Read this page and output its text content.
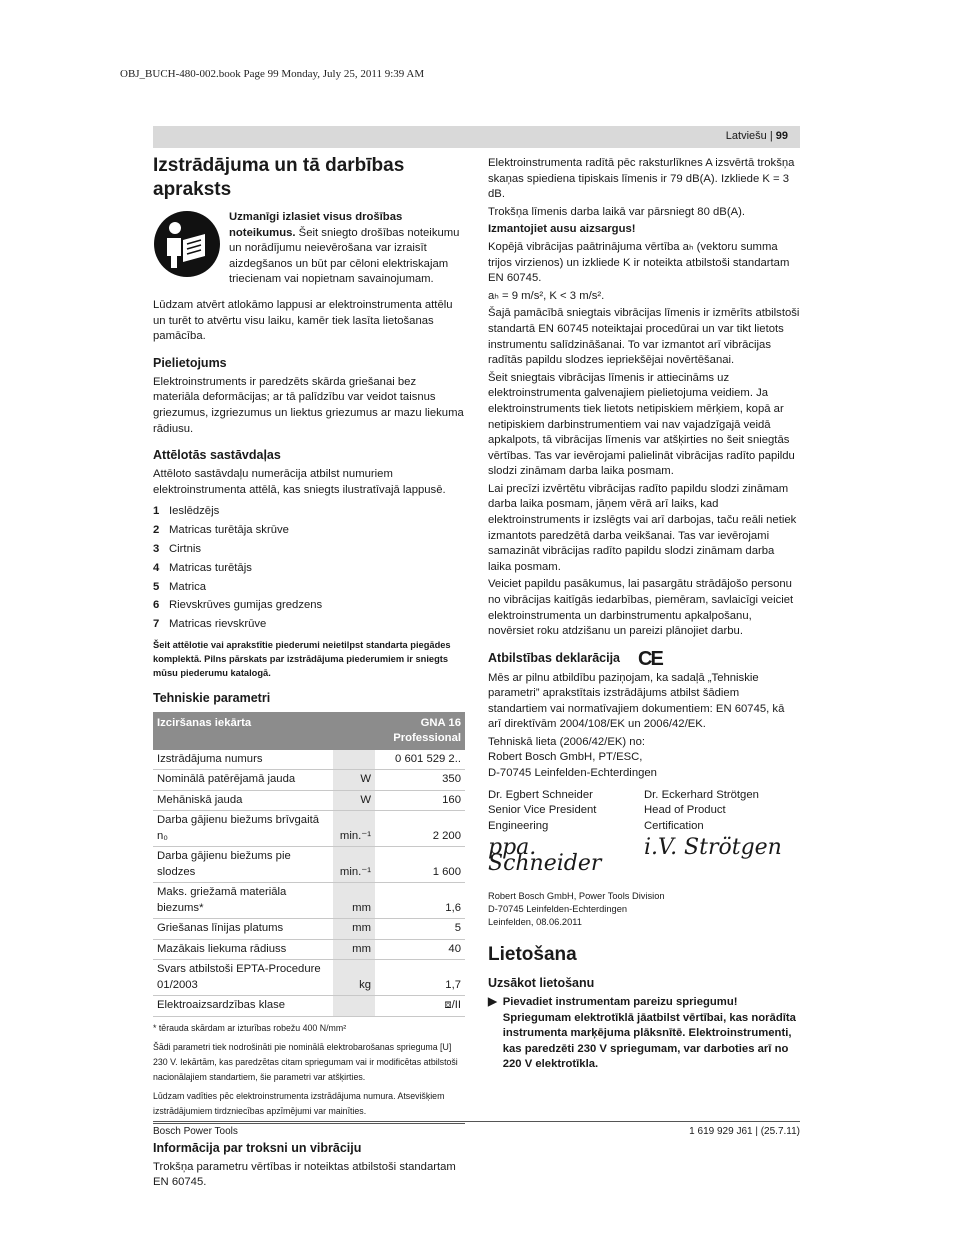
OBJ_BUCH-480-002.book Page 99 Monday, July 25, 2011 9:39 AM
Latviešu | 99
Izstrādājuma un tā darbības apraksts
Uzmanīgi izlasiet visus drošības noteikumus. Šeit sniegto drošības noteikumu un norādījumu neievērošana var izraisīt aizdegšanos un būt par cēloni elektriskajam triecienam vai nopietnam savainojumam.

Lūdzam atvērt atlokāmo lappusi ar elektroinstrumenta attēlu un turēt to atvērtu visu laiku, kamēr tiek lasīta lietošanas pamācība.

Pielietojums

Elektroinstruments ir paredzēts skārda griešanai bez materiāla deformācijas; ar tā palīdzību var veidot taisnus griezumus, izgriezumus un liektus griezumus ar mazu liekuma rādiusu.

Attēlotās sastāvdaļas

Attēloto sastāvdaļu numerācija atbilst numuriem elektroinstrumenta attēlā, kas sniegts ilustratīvajā lappusē.

1 Ieslēdzējs
2 Matricas turētāja skrūve
3 Cirtnis
4 Matricas turētājs
5 Matrica
6 Rievskrūves gumijas gredzens
7 Matricas rievskrūve

Šeit attēlotie vai aprakstītie piederumi neietilpst standarta piegādes komplektā. Pilns pārskats par izstrādājuma piederumiem ir sniegts mūsu piederumu katalogā.

Tehniskie parametri
Izciršanas iekārta		GNA 16 Professional
Izstrādājuma numurs		0 601 529 2..
Nominālā patērējamā jauda	W	350
Mehāniskā jauda	W	160
Darba gājienu biežums brīvgaitā n₀	min.⁻¹	2 200
Darba gājienu biežums pie slodzes	min.⁻¹	1 600
Maks. griežamā materiāla biezums*	mm	1,6
Griešanas līnijas platums	mm	5
Mazākais liekuma rādiuss	mm	40
Svars atbilstoši EPTA-Procedure 01/2003	kg	1,7
Elektroaizsardzības klase		⧈/II
* tērauda skārdam ar izturības robežu 400 N/mm²
Šādi parametri tiek nodrošināti pie nominālā elektrobarošanas sprieguma [U] 230 V. Iekārtām, kas paredzētas citam spriegumam vai ir modificētas atbilstoši nacionālajiem standartiem, šie parametri var atšķirties.
Lūdzam vadīties pēc elektroinstrumenta izstrādājuma numura. Atsevišķiem izstrādājumiem tirdzniecības apzīmējumi var mainīties.
Informācija par troksni un vibrāciju

Trokšņa parametru vērtības ir noteiktas atbilstoši standartam EN 60745.

Elektroinstrumenta radītā pēc raksturlīknes A izsvērtā trokšņa skaņas spiediena tipiskais līmenis ir 79 dB(A). Izkliede K = 3 dB.

Trokšņa līmenis darba laikā var pārsniegt 80 dB(A).

Izmantojiet ausu aizsargus!

Kopējā vibrācijas paātrinājuma vērtība aₕ (vektoru summa trijos virzienos) un izkliede K ir noteikta atbilstoši standartam EN 60745.

aₕ = 9 m/s², K < 3 m/s².

Šajā pamācībā sniegtais vibrācijas līmenis ir izmērīts atbilstoši standartā EN 60745 noteiktajai procedūrai un var tikt lietots instrumentu salīdzināšanai. To var izmantot arī vibrācijas radītās papildu slodzes iepriekšējai novērtēšanai.

Šeit sniegtais vibrācijas līmenis ir attiecināms uz elektroinstrumenta galvenajiem pielietojuma veidiem. Ja elektroinstruments tiek lietots netipiskiem mērķiem, kopā ar netipiskiem darbinstrumentiem vai nav vajadzīgajā veidā apkalpots, tā vibrācijas līmenis var atšķirties no šeit sniegtās vērtības. Tas var ievērojami palielināt vibrācijas radīto papildu slodzi zināmam darba laika posmam.

Lai precīzi izvērtētu vibrācijas radīto papildu slodzi zināmam darba laika posmam, jāņem vērā arī laiks, kad elektroinstruments ir izslēgts vai arī darbojas, taču reāli netiek izmantots paredzētā darba veikšanai. Tas var ievērojami samazināt vibrācijas radīto papildu slodzi zināmam darba laika posmam.

Veiciet papildu pasākumus, lai pasargātu strādājošo personu no vibrācijas kaitīgās iedarbības, piemēram, savlaicīgi veiciet elektroinstrumenta un darbinstrumentu apkalpošanu, novērsiet roku atdzišanu un pareizi plānojiet darbu.

Atbilstības deklarācija CE

Mēs ar pilnu atbildību paziņojam, ka sadaļā „Tehniskie parametri” aprakstītais izstrādājums atbilst šādiem standartiem vai normatīvajiem dokumentiem: EN 60745, kā arī direktīvām 2004/108/EK un 2006/42/EK.

Tehniskā lieta (2006/42/EK) no:

Robert Bosch GmbH, PT/ESC,

D-70745 Leinfelden-Echterdingen

Dr. Egbert Schneider
Senior Vice President
Engineering
Dr. Eckerhard Strötgen
Head of Product
Certification
ppa. Schneider
i.V. Strötgen
Robert Bosch GmbH, Power Tools Division
D-70745 Leinfelden-Echterdingen
Leinfelden, 08.06.2011
Lietošana
Uzsākot lietošanu
▶ Pievadiet instrumentam pareizu spriegumu! Spriegumam elektrotīklā jāatbilst vērtībai, kas norādīta instrumenta marķējuma plāksnītē. Elektroinstrumenti, kas paredzēti 230 V spriegumam, var darboties arī no 220 V elektrotīkla.
Bosch Power Tools	1 619 929 J61 | (25.7.11)
